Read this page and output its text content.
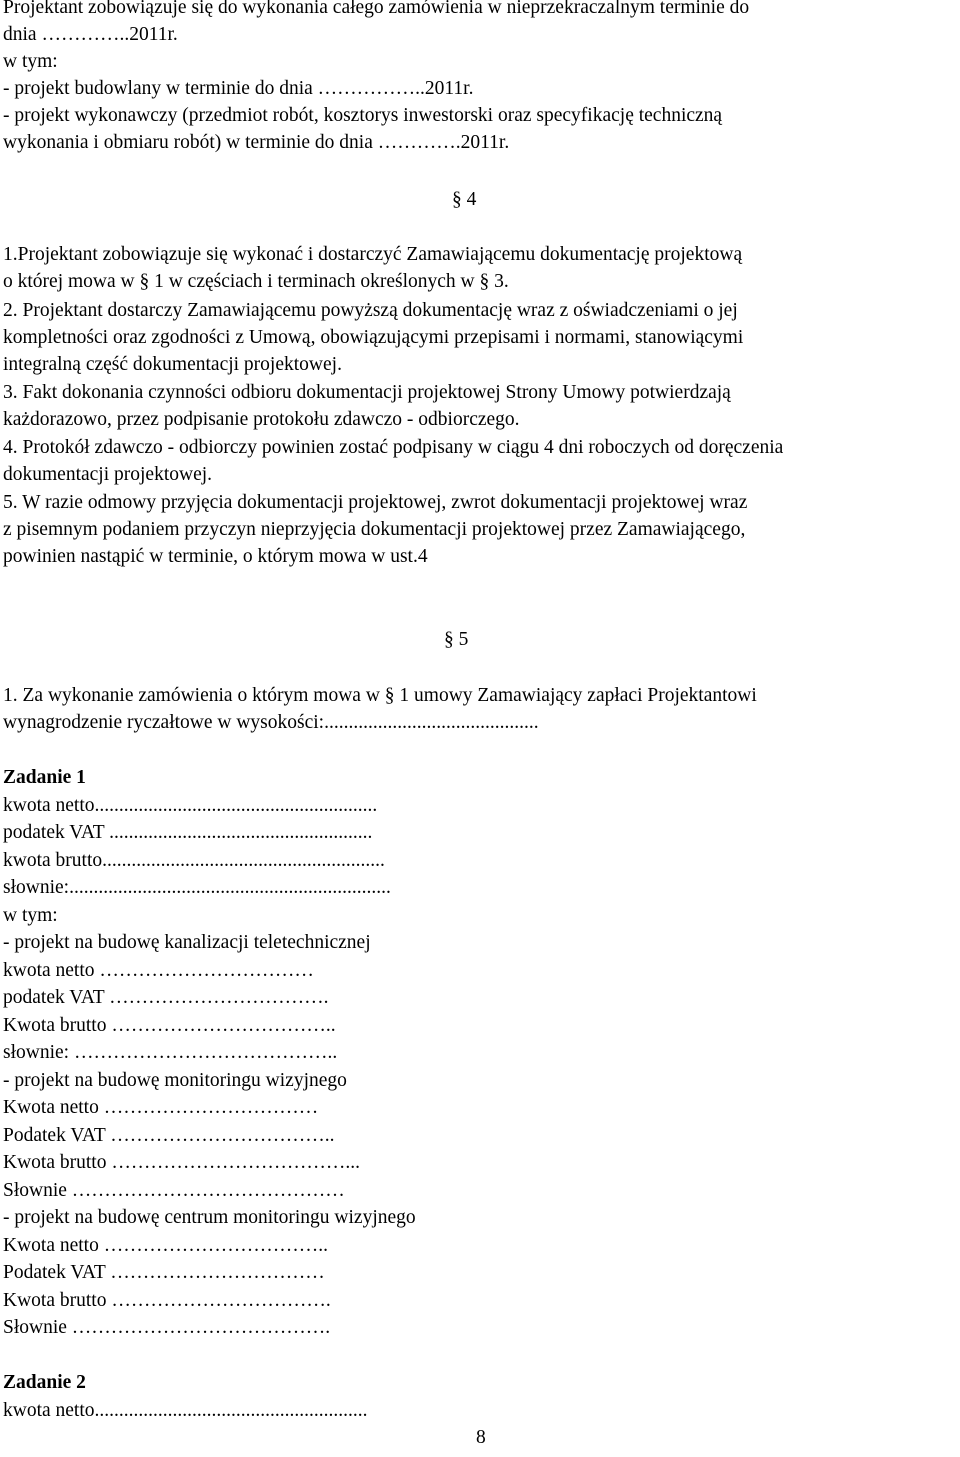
Projektant zobowiązuje się do wykonania całego zamówienia w nieprzekraczalnym terminie do
dnia …………..2011r.
w tym:
- projekt budowlany w terminie do dnia ……………..2011r.
- projekt wykonawczy (przedmiot robót, kosztorys inwestorski oraz specyfikację techniczną
wykonania i obmiaru robót) w terminie do dnia ………….2011r.
§ 4
1.Projektant zobowiązuje się wykonać i dostarczyć Zamawiającemu dokumentację projektową
o której mowa w § 1 w częściach i terminach określonych w § 3.
2. Projektant dostarczy Zamawiającemu powyższą dokumentację wraz z oświadczeniami o jej
kompletności oraz zgodności z Umową, obowiązującymi przepisami i normami, stanowiącymi
integralną część dokumentacji projektowej.
3. Fakt dokonania czynności odbioru dokumentacji projektowej Strony Umowy potwierdzają
każdorazowo, przez podpisanie protokołu zdawczo - odbiorczego.
4. Protokół zdawczo - odbiorczy powinien zostać podpisany w ciągu 4 dni roboczych od doręczenia
dokumentacji projektowej.
5. W razie odmowy przyjęcia dokumentacji projektowej, zwrot dokumentacji projektowej wraz
z pisemnym podaniem przyczyn nieprzyjęcia dokumentacji projektowej przez Zamawiającego,
powinien nastąpić w terminie, o którym mowa w ust.4
§ 5
1. Za wykonanie zamówienia o którym mowa w § 1 umowy Zamawiający zapłaci Projektantowi
wynagrodzenie ryczałtowe w wysokości:............................................
Zadanie 1
kwota netto..........................................................
podatek VAT ......................................................
kwota brutto..........................................................
słownie:..................................................................
w tym:
- projekt na budowę kanalizacji teletechnicznej
kwota netto ……………………………
podatek VAT …………………………….
Kwota brutto ……………………………..
słownie: …………………………………..
- projekt na budowę monitoringu wizyjnego
Kwota netto ……………………………
Podatek VAT ……………………………..
Kwota brutto ………………………………...
Słownie ……………………………………
- projekt na budowę centrum monitoringu wizyjnego
Kwota netto ……………………………..
Podatek VAT ……………………………
Kwota brutto …………………………….
Słownie ………………………………….
Zadanie 2
kwota netto........................................................
8
